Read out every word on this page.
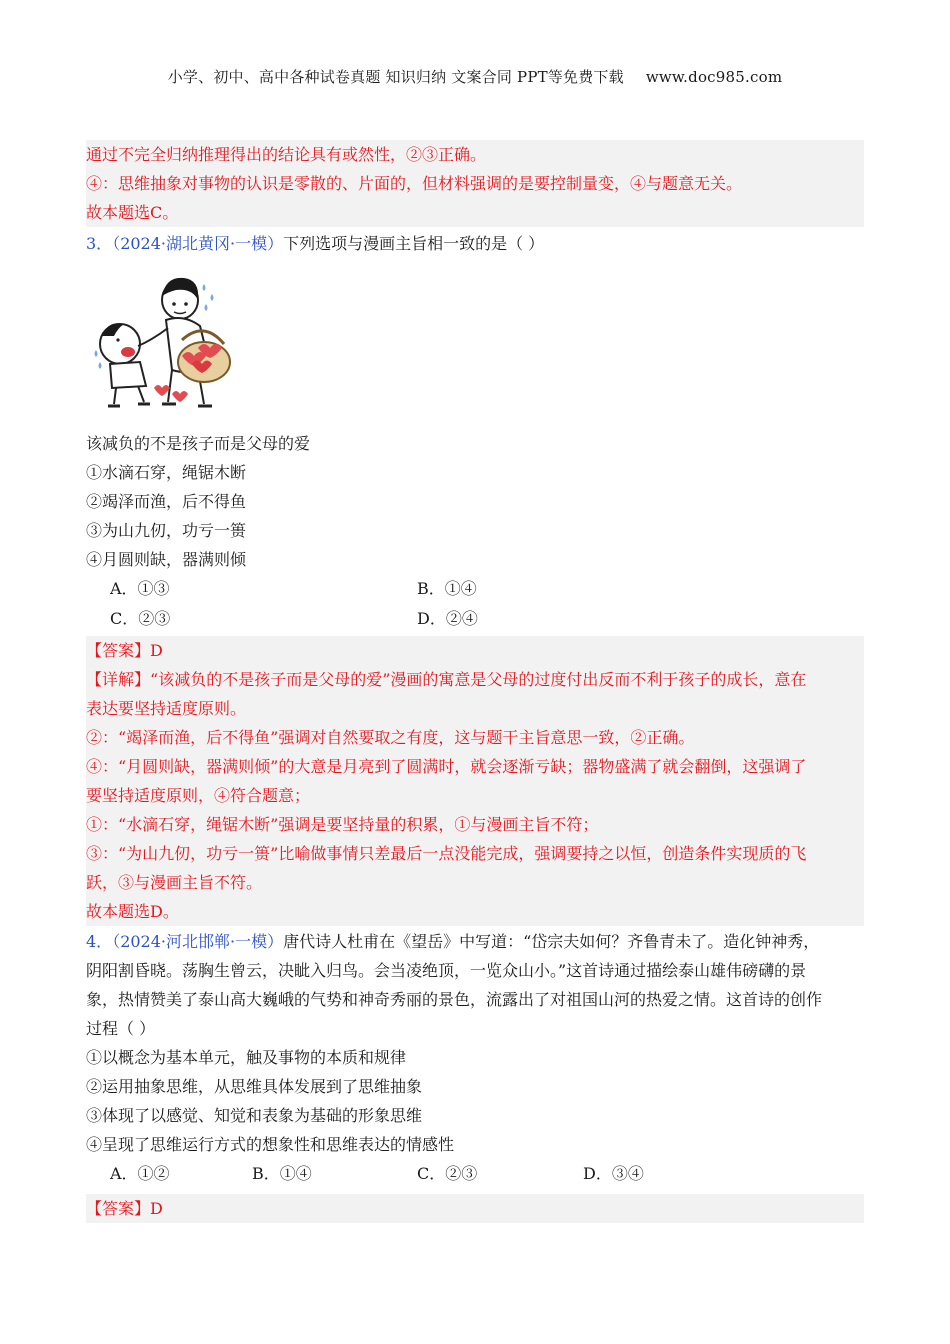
小学、初中、高中各种试卷真题 知识归纳 文案合同 PPT等免费下载 www.doc985.com
通过不完全归纳推理得出的结论具有或然性，②③正确。
④：思维抽象对事物的认识是零散的、片面的，但材料强调的是要控制量变，④与题意无关。
故本题选C。
3．（2024·湖北黄冈·一模）下列选项与漫画主旨相一致的是（ ）
该减负的不是孩子而是父母的爱
①水滴石穿，绳锯木断
②竭泽而渔，后不得鱼
③为山九仞，功亏一篑
④月圆则缺，器满则倾
A．①③	B．①④
C．②③	D．②④
【答案】D
【详解】“该减负的不是孩子而是父母的爱”漫画的寓意是父母的过度付出反而不利于孩子的成长，意在
表达要坚持适度原则。
②：“竭泽而渔，后不得鱼”强调对自然要取之有度，这与题干主旨意思一致，②正确。
④：“月圆则缺，器满则倾”的大意是月亮到了圆满时，就会逐渐亏缺；器物盛满了就会翻倒，这强调了
要坚持适度原则，④符合题意；
①：“水滴石穿，绳锯木断”强调是要坚持量的积累，①与漫画主旨不符；
③：“为山九仞，功亏一篑”比喻做事情只差最后一点没能完成，强调要持之以恒，创造条件实现质的飞
跃，③与漫画主旨不符。
故本题选D。
4．（2024·河北邯郸·一模）唐代诗人杜甫在《望岳》中写道：“岱宗夫如何？齐鲁青未了。造化钟神秀，
阴阳割昏晓。荡胸生曾云，决眦入归鸟。会当凌绝顶，一览众山小。”这首诗通过描绘泰山雄伟磅礴的景
象，热情赞美了泰山高大巍峨的气势和神奇秀丽的景色，流露出了对祖国山河的热爱之情。这首诗的创作
过程（ ）
①以概念为基本单元，触及事物的本质和规律
②运用抽象思维，从思维具体发展到了思维抽象
③体现了以感觉、知觉和表象为基础的形象思维
④呈现了思维运行方式的想象性和思维表达的情感性
A．①②	B．①④	C．②③	D．③④
【答案】D
